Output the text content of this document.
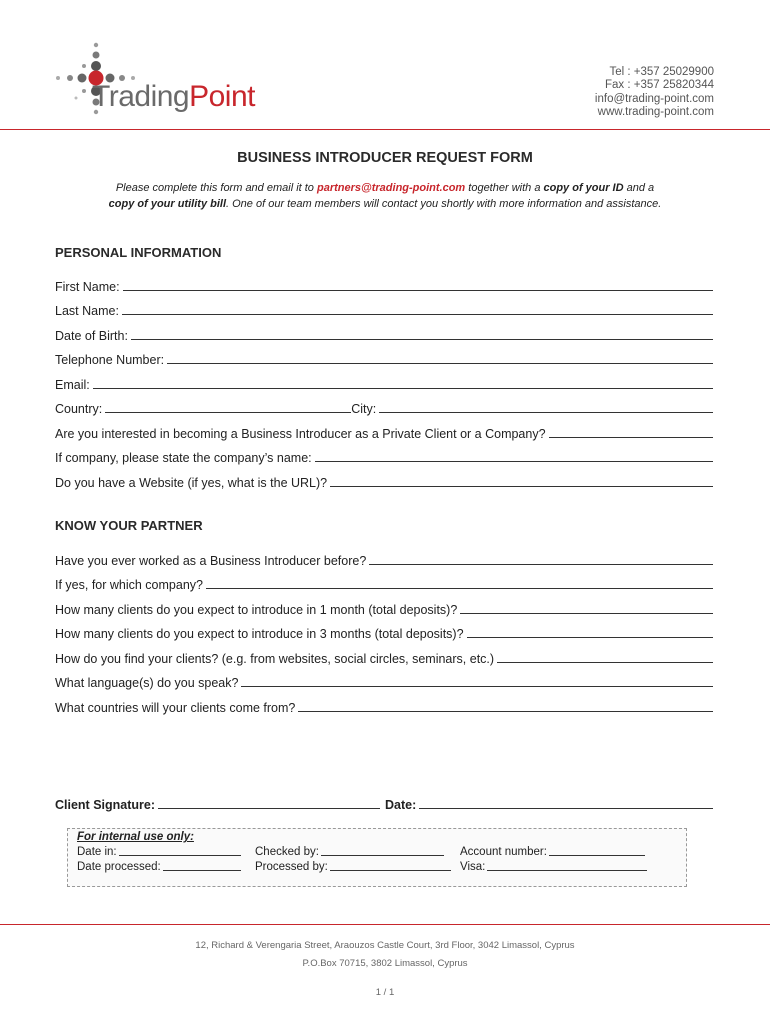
TradingPoint
Tel : +357 25029900
Fax : +357 25820344
info@trading-point.com
www.trading-point.com
BUSINESS INTRODUCER REQUEST FORM
Please complete this form and email it to partners@trading-point.com together with a copy of your ID and a
copy of your utility bill. One of our team members will contact you shortly with more information and assistance.
PERSONAL INFORMATION
First Name:
Last Name:
Date of Birth:
Telephone Number:
Email:
Country:	City:
Are you interested in becoming a Business Introducer as a Private Client or a Company?
If company, please state the company’s name:
Do you have a Website (if yes, what is the URL)?
KNOW YOUR PARTNER
Have you ever worked as a Business Introducer before?
If yes, for which company?
How many clients do you expect to introduce in 1 month (total deposits)?
How many clients do you expect to introduce in 3 months (total deposits)?
How do you find your clients? (e.g. from websites, social circles, seminars, etc.)
What language(s) do you speak?
What countries will your clients come from?
Client Signature:	Date:
For internal use only:
Date in:	Checked by:	Account number:
Date processed:	Processed by:	Visa:
12, Richard & Verengaria Street, Araouzos Castle Court, 3rd Floor, 3042 Limassol, Cyprus
P.O.Box 70715, 3802 Limassol, Cyprus
1 / 1
